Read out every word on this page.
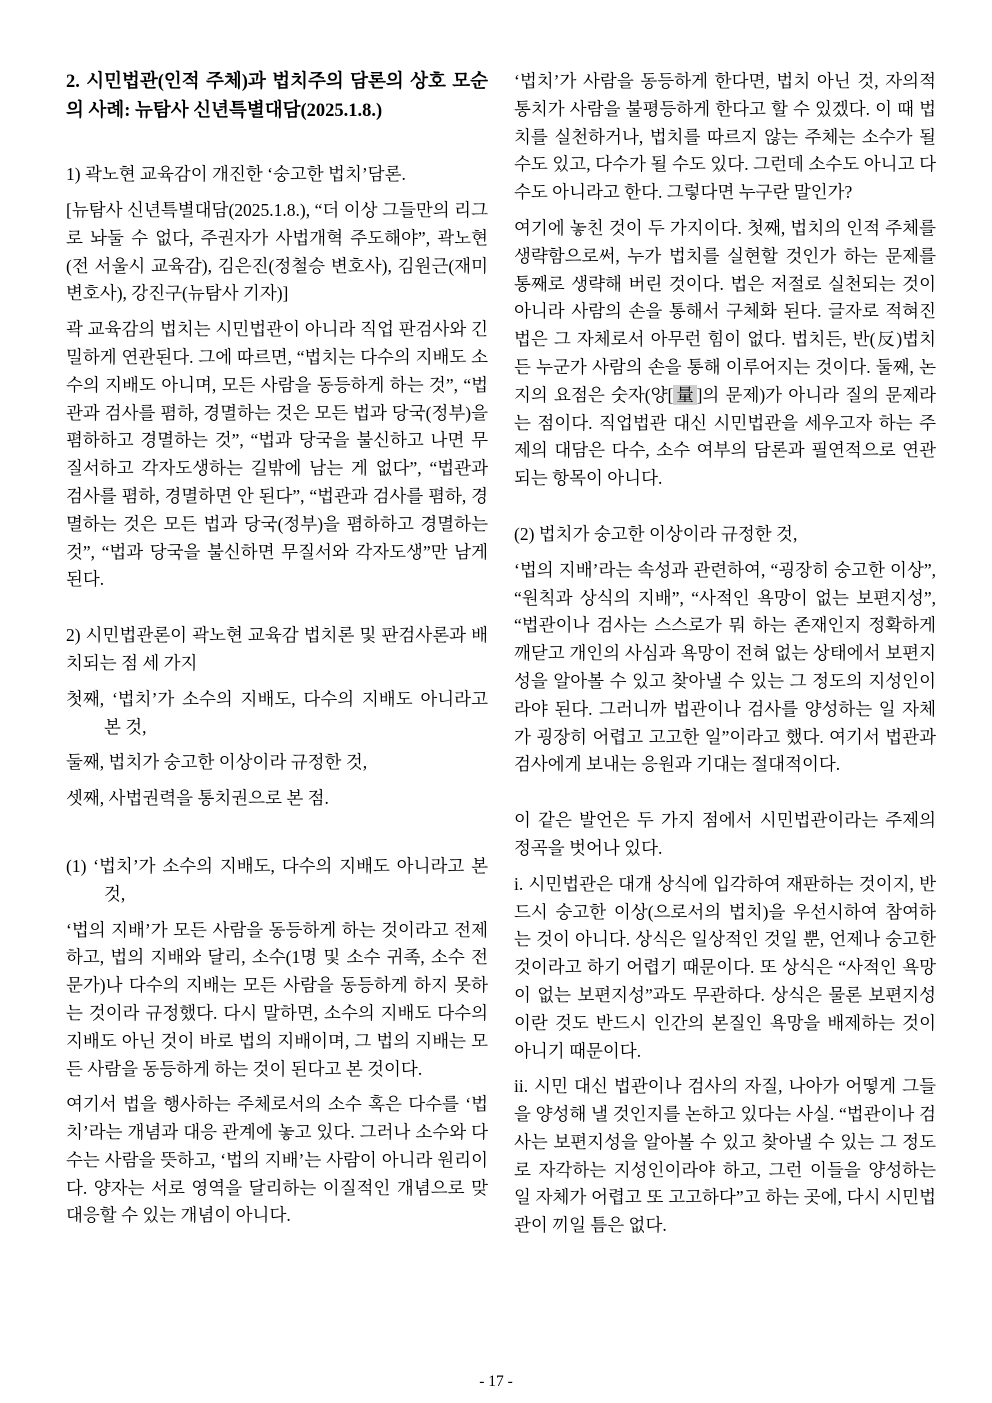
2. 시민법관(인적 주체)과 법치주의 담론의 상호 모순의 사례: 뉴탐사 신년특별대담(2025.1.8.)

1) 곽노현 교육감이 개진한 ‘숭고한 법치’담론.

[뉴탐사 신년특별대담(2025.1.8.), “더 이상 그들만의 리그로 놔둘 수 없다, 주권자가 사법개혁 주도해야”, 곽노현(전 서울시 교육감), 김은진(정철승 변호사), 김원근(재미 변호사), 강진구(뉴탐사 기자)]

곽 교육감의 법치는 시민법관이 아니라 직업 판검사와 긴밀하게 연관된다. 그에 따르면, “법치는 다수의 지배도 소수의 지배도 아니며, 모든 사람을 동등하게 하는 것”, “법관과 검사를 폄하, 경멸하는 것은 모든 법과 당국(정부)을 폄하하고 경멸하는 것”, “법과 당국을 불신하고 나면 무질서하고 각자도생하는 길밖에 남는 게 없다”, “법관과 검사를 폄하, 경멸하면 안 된다”, “법관과 검사를 폄하, 경멸하는 것은 모든 법과 당국(정부)을 폄하하고 경멸하는 것”, “법과 당국을 불신하면 무질서와 각자도생”만 남게 된다.

2) 시민법관론이 곽노현 교육감 법치론 및 판검사론과 배치되는 점 세 가지

첫째, ‘법치’가 소수의 지배도, 다수의 지배도 아니라고 본 것,

둘째, 법치가 숭고한 이상이라 규정한 것,

셋째, 사법권력을 통치권으로 본 점.

(1) ‘법치’가 소수의 지배도, 다수의 지배도 아니라고 본 것,

‘법의 지배’가 모든 사람을 동등하게 하는 것이라고 전제하고, 법의 지배와 달리, 소수(1명 및 소수 귀족, 소수 전문가)나 다수의 지배는 모든 사람을 동등하게 하지 못하는 것이라 규정했다. 다시 말하면, 소수의 지배도 다수의 지배도 아닌 것이 바로 법의 지배이며, 그 법의 지배는 모든 사람을 동등하게 하는 것이 된다고 본 것이다.

여기서 법을 행사하는 주체로서의 소수 혹은 다수를 ‘법치’라는 개념과 대응 관계에 놓고 있다. 그러나 소수와 다수는 사람을 뜻하고, ‘법의 지배’는 사람이 아니라 원리이다. 양자는 서로 영역을 달리하는 이질적인 개념으로 맞대응할 수 있는 개념이 아니다.

‘법치’가 사람을 동등하게 한다면, 법치 아닌 것, 자의적 통치가 사람을 불평등하게 한다고 할 수 있겠다. 이 때 법치를 실천하거나, 법치를 따르지 않는 주체는 소수가 될 수도 있고, 다수가 될 수도 있다. 그런데 소수도 아니고 다수도 아니라고 한다. 그렇다면 누구란 말인가?

여기에 놓친 것이 두 가지이다. 첫째, 법치의 인적 주체를 생략함으로써, 누가 법치를 실현할 것인가 하는 문제를 통째로 생략해 버린 것이다. 법은 저절로 실천되는 것이 아니라 사람의 손을 통해서 구체화 된다. 글자로 적혀진 법은 그 자체로서 아무런 힘이 없다. 법치든, 반(反)법치든 누군가 사람의 손을 통해 이루어지는 것이다. 둘째, 논지의 요점은 숫자(양[量]의 문제)가 아니라 질의 문제라는 점이다. 직업법관 대신 시민법관을 세우고자 하는 주제의 대담은 다수, 소수 여부의 담론과 필연적으로 연관되는 항목이 아니다.

(2) 법치가 숭고한 이상이라 규정한 것,

‘법의 지배’라는 속성과 관련하여, “굉장히 숭고한 이상”, “원칙과 상식의 지배”, “사적인 욕망이 없는 보편지성”, “법관이나 검사는 스스로가 뭐 하는 존재인지 정확하게 깨닫고 개인의 사심과 욕망이 전혀 없는 상태에서 보편지성을 알아볼 수 있고 찾아낼 수 있는 그 정도의 지성인이라야 된다. 그러니까 법관이나 검사를 양성하는 일 자체가 굉장히 어렵고 고고한 일”이라고 했다. 여기서 법관과 검사에게 보내는 응원과 기대는 절대적이다.

이 같은 발언은 두 가지 점에서 시민법관이라는 주제의 정곡을 벗어나 있다.

i. 시민법관은 대개 상식에 입각하여 재판하는 것이지, 반드시 숭고한 이상(으로서의 법치)을 우선시하여 참여하는 것이 아니다. 상식은 일상적인 것일 뿐, 언제나 숭고한 것이라고 하기 어렵기 때문이다. 또 상식은 “사적인 욕망이 없는 보편지성”과도 무관하다. 상식은 물론 보편지성이란 것도 반드시 인간의 본질인 욕망을 배제하는 것이 아니기 때문이다.

ii. 시민 대신 법관이나 검사의 자질, 나아가 어떻게 그들을 양성해 낼 것인지를 논하고 있다는 사실. “법관이나 검사는 보편지성을 알아볼 수 있고 찾아낼 수 있는 그 정도로 자각하는 지성인이라야 하고, 그런 이들을 양성하는 일 자체가 어렵고 또 고고하다”고 하는 곳에, 다시 시민법관이 끼일 틈은 없다.

- 17 -
